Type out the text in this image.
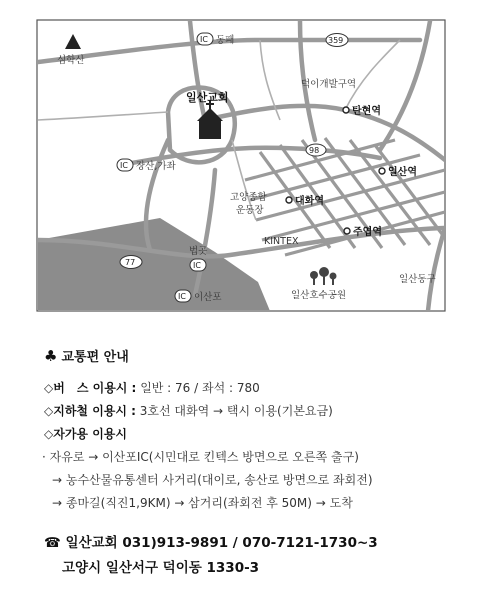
심학산
일산교회
IC 동패	359
IC 장산,가좌
98
77
법곳
IC
IC 이산포
덕이개발구역
탄현역
일산역
대화역
주엽역
고양종합
운동장
KINTEX
일산호수공원
일산동구
♣ 교통편 안내
◇버　스 이용시 : 일반 : 76 / 좌석 : 780
◇지하철 이용시 : 3호선 대화역 → 택시 이용(기본요금)
◇자가용 이용시
· 자유로 → 이산포IC(시민대로 킨텍스 방면으로 오른쪽 출구)
→ 농수산물유통센터 사거리(대이로, 송산로 방면으로 좌회전)
→ 종마길(직진1,9KM) → 삼거리(좌회전 후 50M) → 도착
☎ 일산교회 031)913-9891 / 070-7121-1730~3
고양시 일산서구 덕이동 1330-3
